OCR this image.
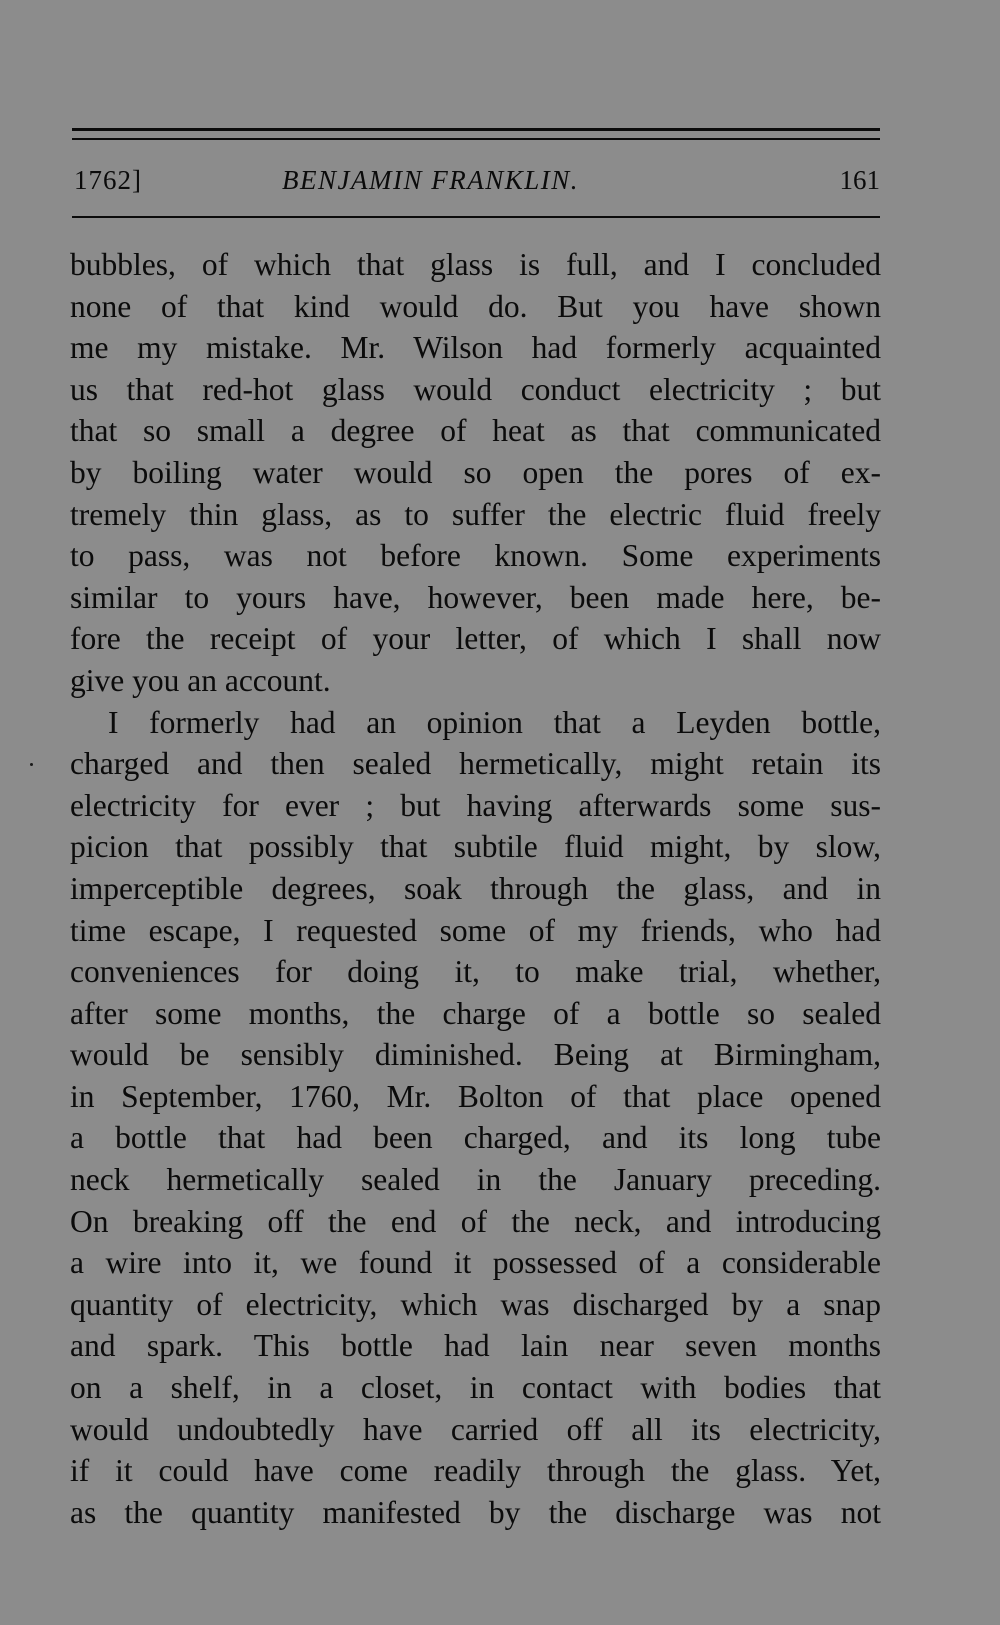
1762]	BENJAMIN FRANKLIN.	161
bubbles, of which that glass is full, and I concluded
none of that kind would do. But you have shown
me my mistake. Mr. Wilson had formerly acquainted
us that red-hot glass would conduct electricity ; but
that so small a degree of heat as that communicated
by boiling water would so open the pores of ex-
tremely thin glass, as to suffer the electric fluid freely
to pass, was not before known. Some experiments
similar to yours have, however, been made here, be-
fore the receipt of your letter, of which I shall now
give you an account.
I formerly had an opinion that a Leyden bottle,
charged and then sealed hermetically, might retain its
electricity for ever ; but having afterwards some sus-
picion that possibly that subtile fluid might, by slow,
imperceptible degrees, soak through the glass, and in
time escape, I requested some of my friends, who had
conveniences for doing it, to make trial, whether,
after some months, the charge of a bottle so sealed
would be sensibly diminished. Being at Birmingham,
in September, 1760, Mr. Bolton of that place opened
a bottle that had been charged, and its long tube
neck hermetically sealed in the January preceding.
On breaking off the end of the neck, and introducing
a wire into it, we found it possessed of a considerable
quantity of electricity, which was discharged by a snap
and spark. This bottle had lain near seven months
on a shelf, in a closet, in contact with bodies that
would undoubtedly have carried off all its electricity,
if it could have come readily through the glass. Yet,
as the quantity manifested by the discharge was not
